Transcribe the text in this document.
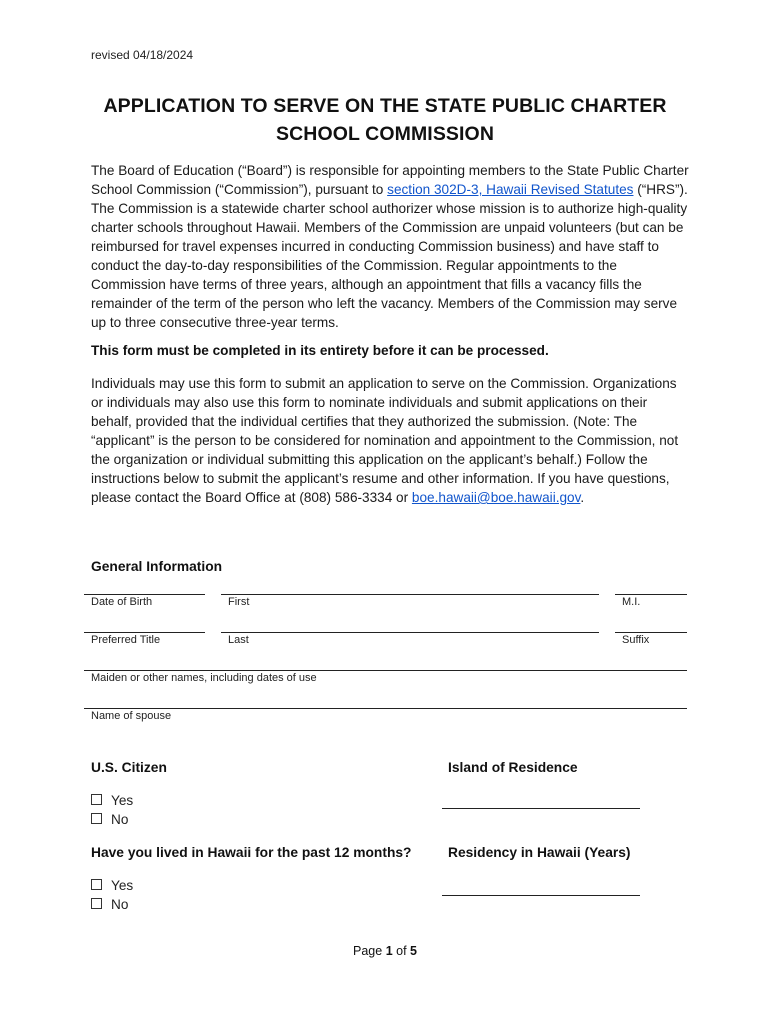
revised 04/18/2024
APPLICATION TO SERVE ON THE STATE PUBLIC CHARTER SCHOOL COMMISSION
The Board of Education (“Board”) is responsible for appointing members to the State Public Charter School Commission (“Commission”), pursuant to section 302D-3, Hawaii Revised Statutes (“HRS”). The Commission is a statewide charter school authorizer whose mission is to authorize high-quality charter schools throughout Hawaii. Members of the Commission are unpaid volunteers (but can be reimbursed for travel expenses incurred in conducting Commission business) and have staff to conduct the day-to-day responsibilities of the Commission. Regular appointments to the Commission have terms of three years, although an appointment that fills a vacancy fills the remainder of the term of the person who left the vacancy. Members of the Commission may serve up to three consecutive three-year terms.
This form must be completed in its entirety before it can be processed.
Individuals may use this form to submit an application to serve on the Commission. Organizations or individuals may also use this form to nominate individuals and submit applications on their behalf, provided that the individual certifies that they authorized the submission. (Note: The “applicant” is the person to be considered for nomination and appointment to the Commission, not the organization or individual submitting this application on the applicant’s behalf.) Follow the instructions below to submit the applicant’s resume and other information. If you have questions, please contact the Board Office at (808) 586-3334 or boe.hawaii@boe.hawaii.gov.
General Information
Date of Birth	First	M.I.
Preferred Title	Last	Suffix
Maiden or other names, including dates of use
Name of spouse
U.S. Citizen
Yes
No
Island of Residence
Have you lived in Hawaii for the past 12 months?
Yes
No
Residency in Hawaii (Years)
Page 1 of 5
